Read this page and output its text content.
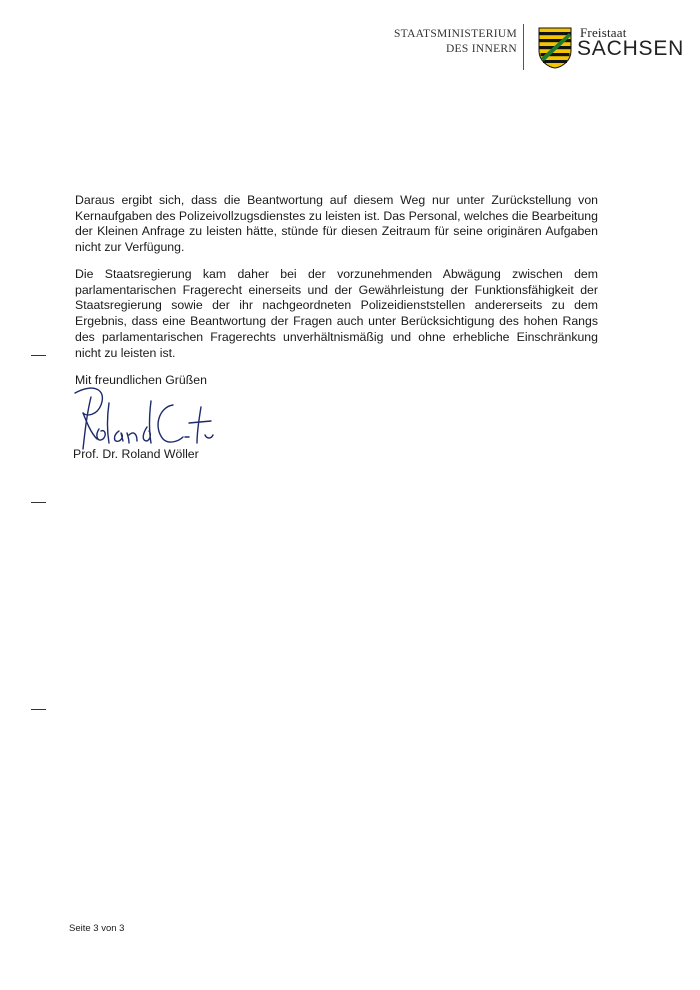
STAATSMINISTERIUM
DES INNERN
Freistaat
SACHSEN

Daraus ergibt sich, dass die Beantwortung auf diesem Weg nur unter Zurückstellung von Kernaufgaben des Polizeivollzugsdienstes zu leisten ist. Das Personal, welches die Bearbeitung der Kleinen Anfrage zu leisten hätte, stünde für diesen Zeitraum für seine originären Aufgaben nicht zur Verfügung.

Die Staatsregierung kam daher bei der vorzunehmenden Abwägung zwischen dem parlamentarischen Fragerecht einerseits und der Gewährleistung der Funktionsfähigkeit der Staatsregierung sowie der ihr nachgeordneten Polizeidienststellen andererseits zu dem Ergebnis, dass eine Beantwortung der Fragen auch unter Berücksichtigung des hohen Rangs des parlamentarischen Fragerechts unverhältnismäßig und ohne erhebliche Einschränkung nicht zu leisten ist.

Mit freundlichen Grüßen

Prof. Dr. Roland Wöller

Seite 3 von 3
